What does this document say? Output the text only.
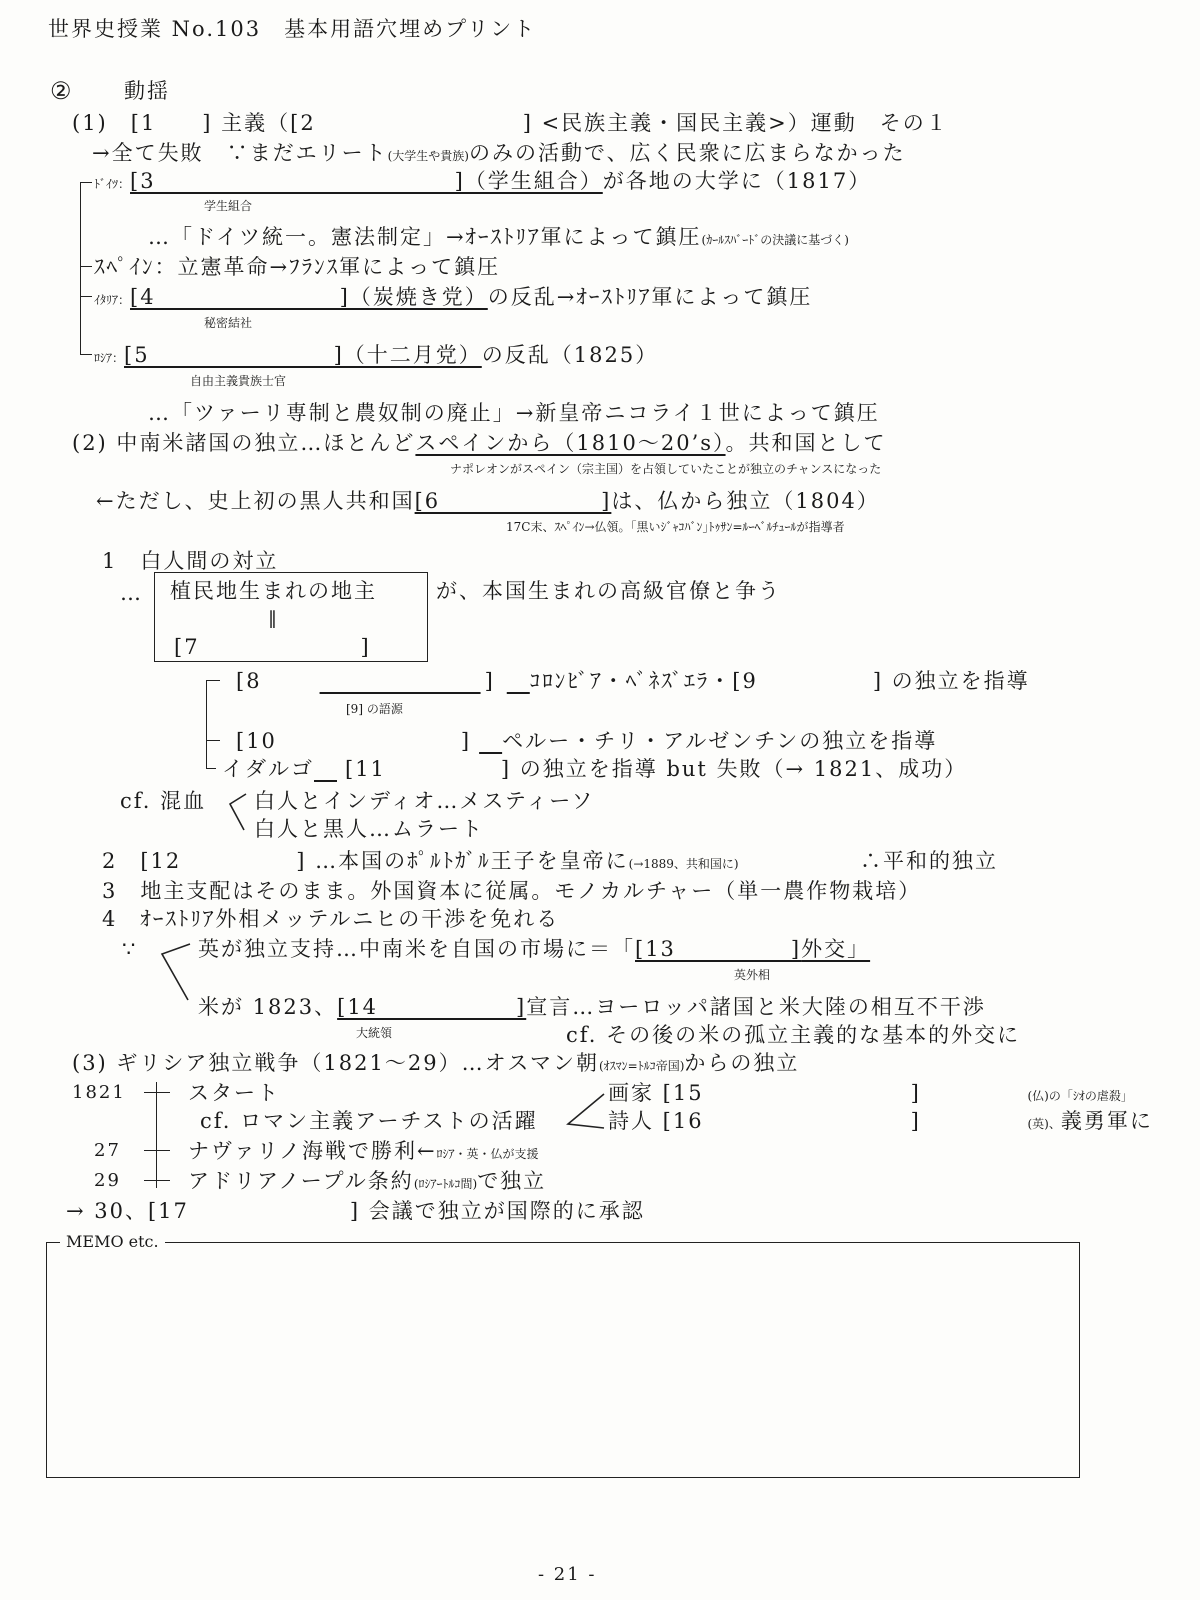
世界史授業 No.103　基本用語穴埋めプリント
② 動揺
(1)　[1　　] 主義（[2　　　　　　　　　] <民族主義・国民主義>）運動　その１
→全て失敗　∵まだエリート(大学生や貴族)のみの活動で、広く民衆に広まらなかった
ﾄﾞｲﾂ：[3　　　　　　　　　　　　　]（学生組合）が各地の大学に（1817）
学生組合
…「ドイツ統一。憲法制定」→ｵｰｽﾄﾘｱ軍によって鎮圧(ｶｰﾙｽﾊﾞｰﾄﾞの決議に基づく)
ｽﾍﾟｲﾝ：立憲革命→ﾌﾗﾝｽ軍によって鎮圧
ｲﾀﾘｱ：[4　　　　　　　　]（炭焼き党）の反乱→ｵｰｽﾄﾘｱ軍によって鎮圧
秘密結社
ﾛｼｱ：[5　　　　　　　　]（十二月党）の反乱（1825）
自由主義貴族士官
…「ツァーリ専制と農奴制の廃止」→新皇帝ニコライ１世によって鎮圧
(2) 中南米諸国の独立…ほとんどスペインから（1810～20’s）。共和国として
ナポレオンがスペイン（宗主国）を占領していたことが独立のチャンスになった
←ただし、史上初の黒人共和国[6　　　　　　　]は、仏から独立（1804）
17C末、ｽﾍﾟｲﾝ→仏領。｢黒いｼﾞｬｺﾊﾞﾝ｣ﾄｩｻﾝ=ﾙｰﾍﾞﾙﾁｭｰﾙが指導者
1　白人間の対立
… 植民地生まれの地主
‖
[7　　　　　　　]
が、本国生まれの高級官僚と争う
[8　　　　　　　	]　 ｺﾛﾝﾋﾞｱ・ﾍﾞﾈｽﾞｴﾗ・[9　　　　　] の独立を指導
[9] の語源
[10　　　　　　　　]　 ペルー・チリ・アルゼンチンの独立を指導
イダルゴ　 [11　　　　　] の独立を指導 but 失敗（→ 1821、成功）
cf. 混血 白人とインディオ…メスティーソ
白人と黒人…ムラート
2　[12　　　　　] …本国のﾎﾟﾙﾄｶﾞﾙ王子を皇帝に(→1889、共和国に)	∴平和的独立
3　地主支配はそのまま。外国資本に従属。モノカルチャー（単一農作物栽培）
4　ｵｰｽﾄﾘｱ外相メッテルニヒの干渉を免れる
∵	英が独立支持…中南米を自国の市場に＝「[13　　　　　]外交」
英外相
米が 1823、[14　　　　　　]宣言…ヨーロッパ諸国と米大陸の相互不干渉
大統領	cf. その後の米の孤立主義的な基本的外交に
(3) ギリシア独立戦争（1821～29）…オスマン朝(ｵｽﾏﾝ=ﾄﾙｺ帝国)からの独立
1821	スタート
cf. ロマン主義アーチストの活躍
画家 [15　　　　　　　　　]	(仏)の「ｼｵの虐殺」
詩人 [16　　　　　　　　　]	(英)、義勇軍に
27	ナヴァリノ海戦で勝利←ﾛｼｱ・英・仏が支援
29	アドリアノープル条約(ﾛｼｱｰﾄﾙｺ間)で独立
→ 30、[17　　　　　　　] 会議で独立が国際的に承認
MEMO etc.
- 21 -
